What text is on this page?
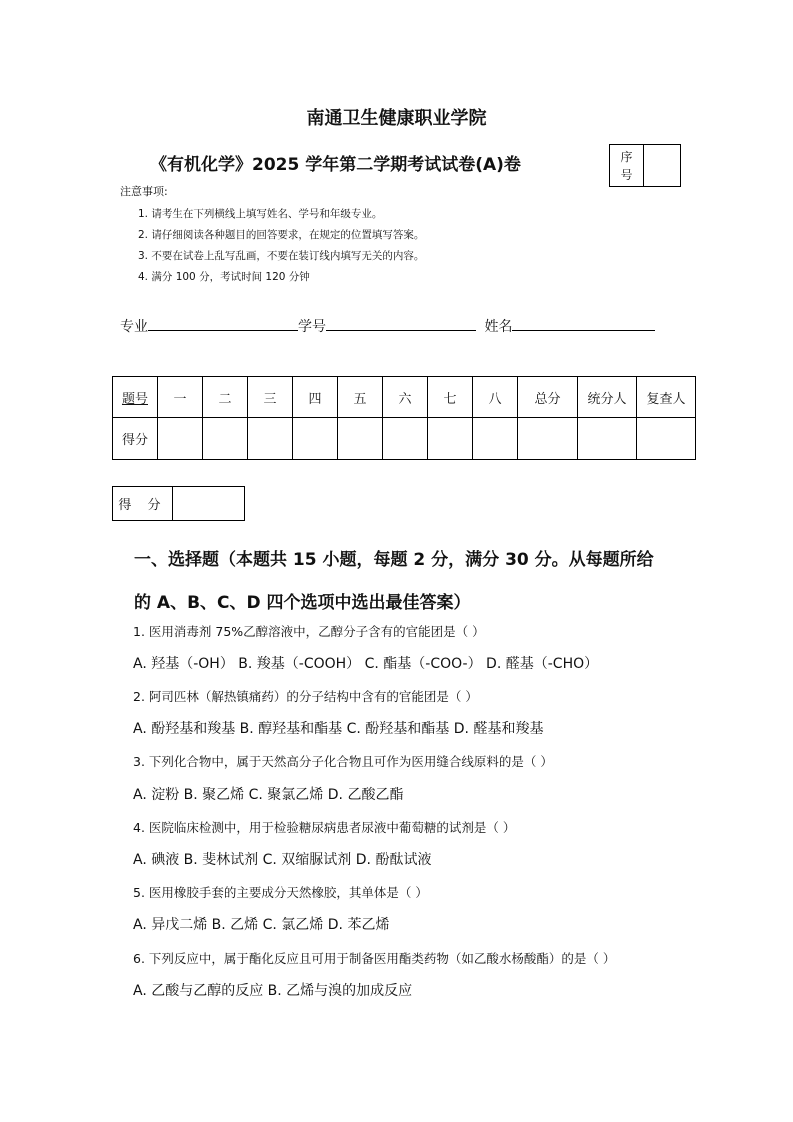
南通卫生健康职业学院
《有机化学》2025 学年第二学期考试试卷(A)卷	序
号
注意事项:
1. 请考生在下列横线上填写姓名、学号和年级专业。
2. 请仔细阅读各种题目的回答要求，在规定的位置填写答案。
3. 不要在试卷上乱写乱画，不要在装订线内填写无关的内容。
4. 满分 100 分，考试时间 120 分钟
专业	学号	姓名
题号	一	二	三	四	五	六	七	八	总分	统分人	复查人
得分											
得 分
一、选择题（本题共 15 小题，每题 2 分，满分 30 分。从每题所给
的 A、B、C、D 四个选项中选出最佳答案）
1. 医用消毒剂 75%乙醇溶液中，乙醇分子含有的官能团是（ ）
A. 羟基（-OH） B. 羧基（-COOH） C. 酯基（-COO-） D. 醛基（-CHO）
2. 阿司匹林（解热镇痛药）的分子结构中含有的官能团是（ ）
A. 酚羟基和羧基 B. 醇羟基和酯基 C. 酚羟基和酯基 D. 醛基和羧基
3. 下列化合物中，属于天然高分子化合物且可作为医用缝合线原料的是（ ）
A. 淀粉 B. 聚乙烯 C. 聚氯乙烯 D. 乙酸乙酯
4. 医院临床检测中，用于检验糖尿病患者尿液中葡萄糖的试剂是（ ）
A. 碘液 B. 斐林试剂 C. 双缩脲试剂 D. 酚酞试液
5. 医用橡胶手套的主要成分天然橡胶，其单体是（ ）
A. 异戊二烯 B. 乙烯 C. 氯乙烯 D. 苯乙烯
6. 下列反应中，属于酯化反应且可用于制备医用酯类药物（如乙酸水杨酸酯）的是（ ）
A. 乙酸与乙醇的反应 B. 乙烯与溴的加成反应
